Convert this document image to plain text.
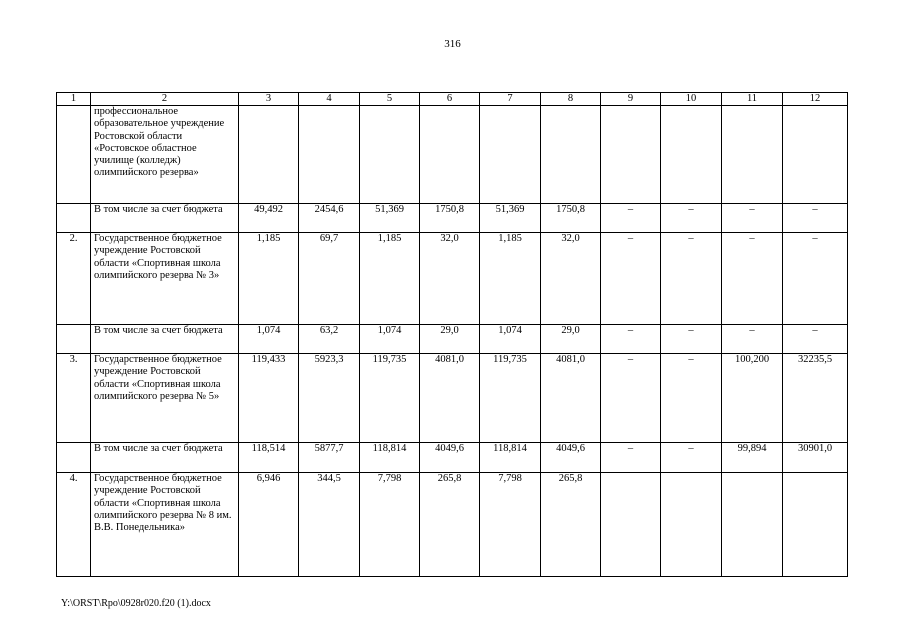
316
1	2	3	4	5	6	7	8	9	10	11	12
	профессиональное образовательное учреждение Ростовской области «Ростовское областное училище (колледж) олимпийского резерва»										
	В том числе за счет бюджета	49,492	2454,6	51,369	1750,8	51,369	1750,8	–	–	–	–
2.	Государственное бюджетное учреждение Ростовской области «Спортивная школа олимпийского резерва № 3»	1,185	69,7	1,185	32,0	1,185	32,0	–	–	–	–
	В том числе за счет бюджета	1,074	63,2	1,074	29,0	1,074	29,0	–	–	–	–
3.	Государственное бюджетное учреждение Ростовской области «Спортивная школа олимпийского резерва № 5»	119,433	5923,3	119,735	4081,0	119,735	4081,0	–	–	100,200	32235,5
	В том числе за счет бюджета	118,514	5877,7	118,814	4049,6	118,814	4049,6	–	–	99,894	30901,0
4.	Государственное бюджетное учреждение Ростовской области «Спортивная школа олимпийского резерва № 8 им. В.В. Понедельника»	6,946	344,5	7,798	265,8	7,798	265,8				
Y:\ORST\Rpo\0928r020.f20 (1).docx
